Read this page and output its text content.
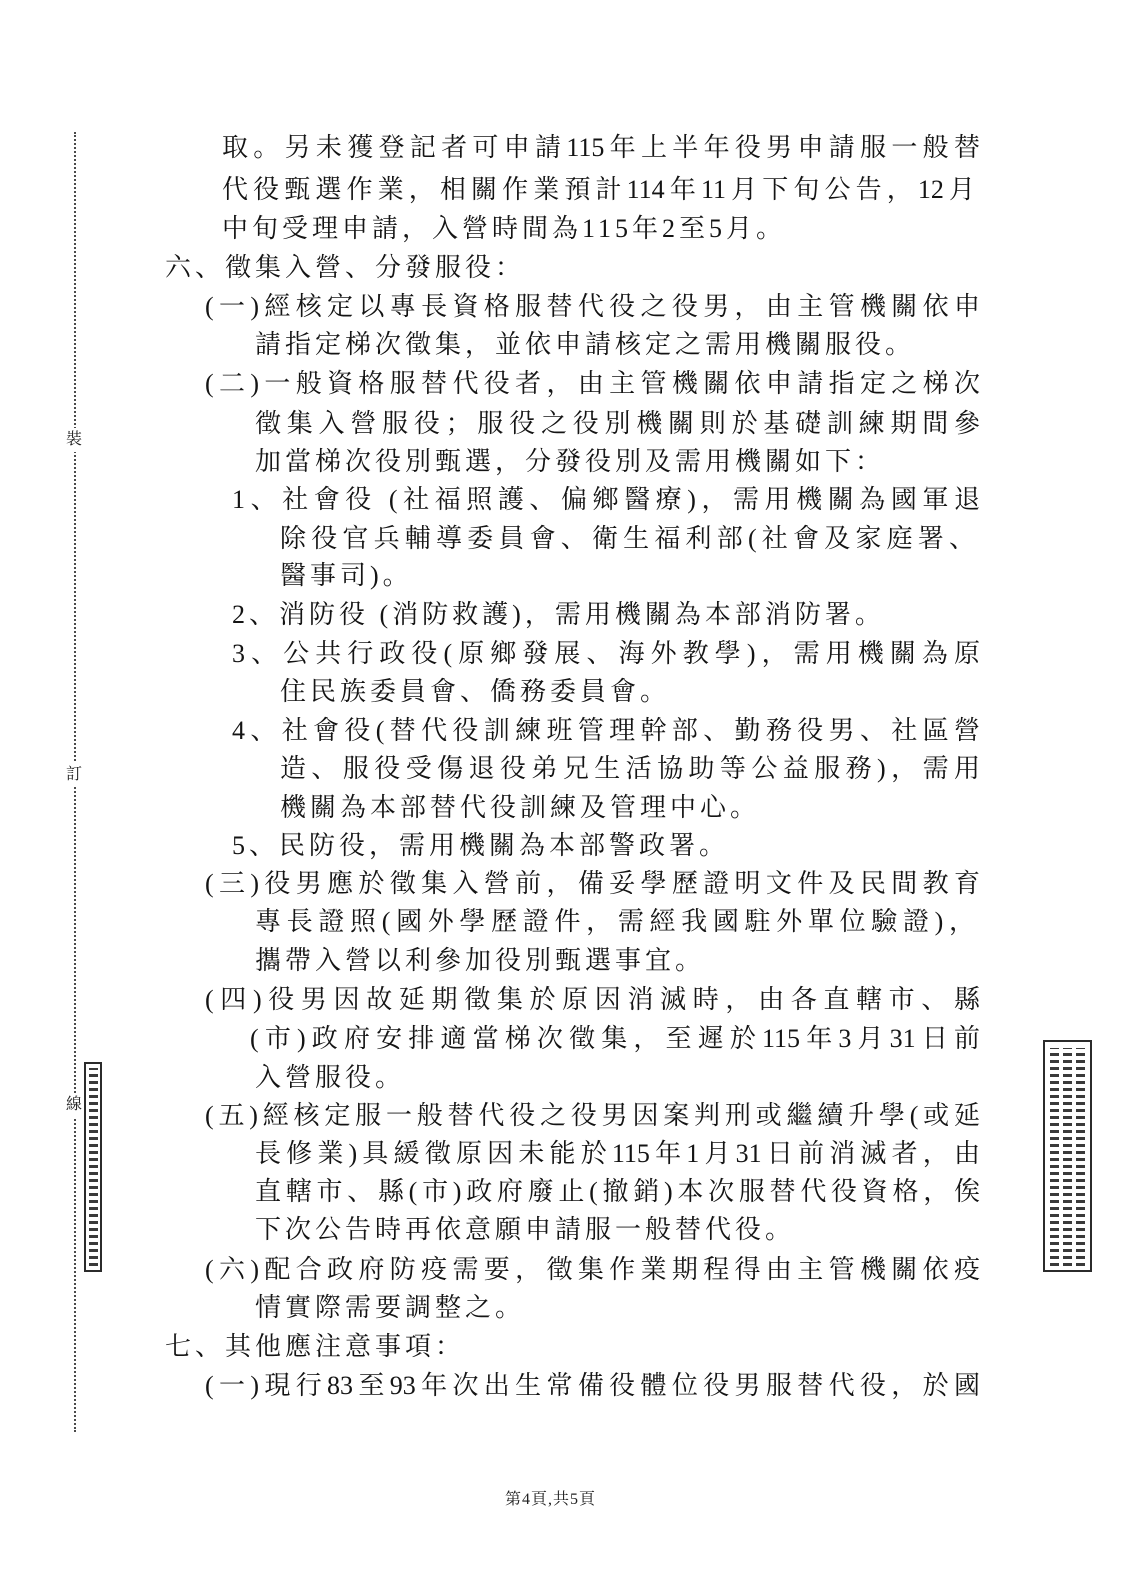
裝
訂
線
取。另未獲登記者可申請115年上半年役男申請服一般替
代役甄選作業，相關作業預計114年11月下旬公告，12月
中旬受理申請，入營時間為115年2至5月。
六、徵集入營、分發服役：
(一)經核定以專長資格服替代役之役男，由主管機關依申
請指定梯次徵集，並依申請核定之需用機關服役。
(二)一般資格服替代役者，由主管機關依申請指定之梯次
徵集入營服役；服役之役別機關則於基礎訓練期間參
加當梯次役別甄選，分發役別及需用機關如下：
1、社會役 (社福照護、偏鄉醫療)，需用機關為國軍退
除役官兵輔導委員會、衛生福利部(社會及家庭署、
醫事司)。
2、消防役 (消防救護)，需用機關為本部消防署。
3、公共行政役(原鄉發展、海外教學)，需用機關為原
住民族委員會、僑務委員會。
4、社會役(替代役訓練班管理幹部、勤務役男、社區營
造、服役受傷退役弟兄生活協助等公益服務)，需用
機關為本部替代役訓練及管理中心。
5、民防役，需用機關為本部警政署。
(三)役男應於徵集入營前，備妥學歷證明文件及民間教育
專長證照(國外學歷證件，需經我國駐外單位驗證)，
攜帶入營以利參加役別甄選事宜。
(四)役男因故延期徵集於原因消滅時，由各直轄市、縣
(市)政府安排適當梯次徵集，至遲於115年3月31日前
入營服役。
(五)經核定服一般替代役之役男因案判刑或繼續升學(或延
長修業)具緩徵原因未能於115年1月31日前消滅者，由
直轄市、縣(市)政府廢止(撤銷)本次服替代役資格，俟
下次公告時再依意願申請服一般替代役。
(六)配合政府防疫需要，徵集作業期程得由主管機關依疫
情實際需要調整之。
七、其他應注意事項：
(一)現行83至93年次出生常備役體位役男服替代役，於國
第4頁,共5頁
